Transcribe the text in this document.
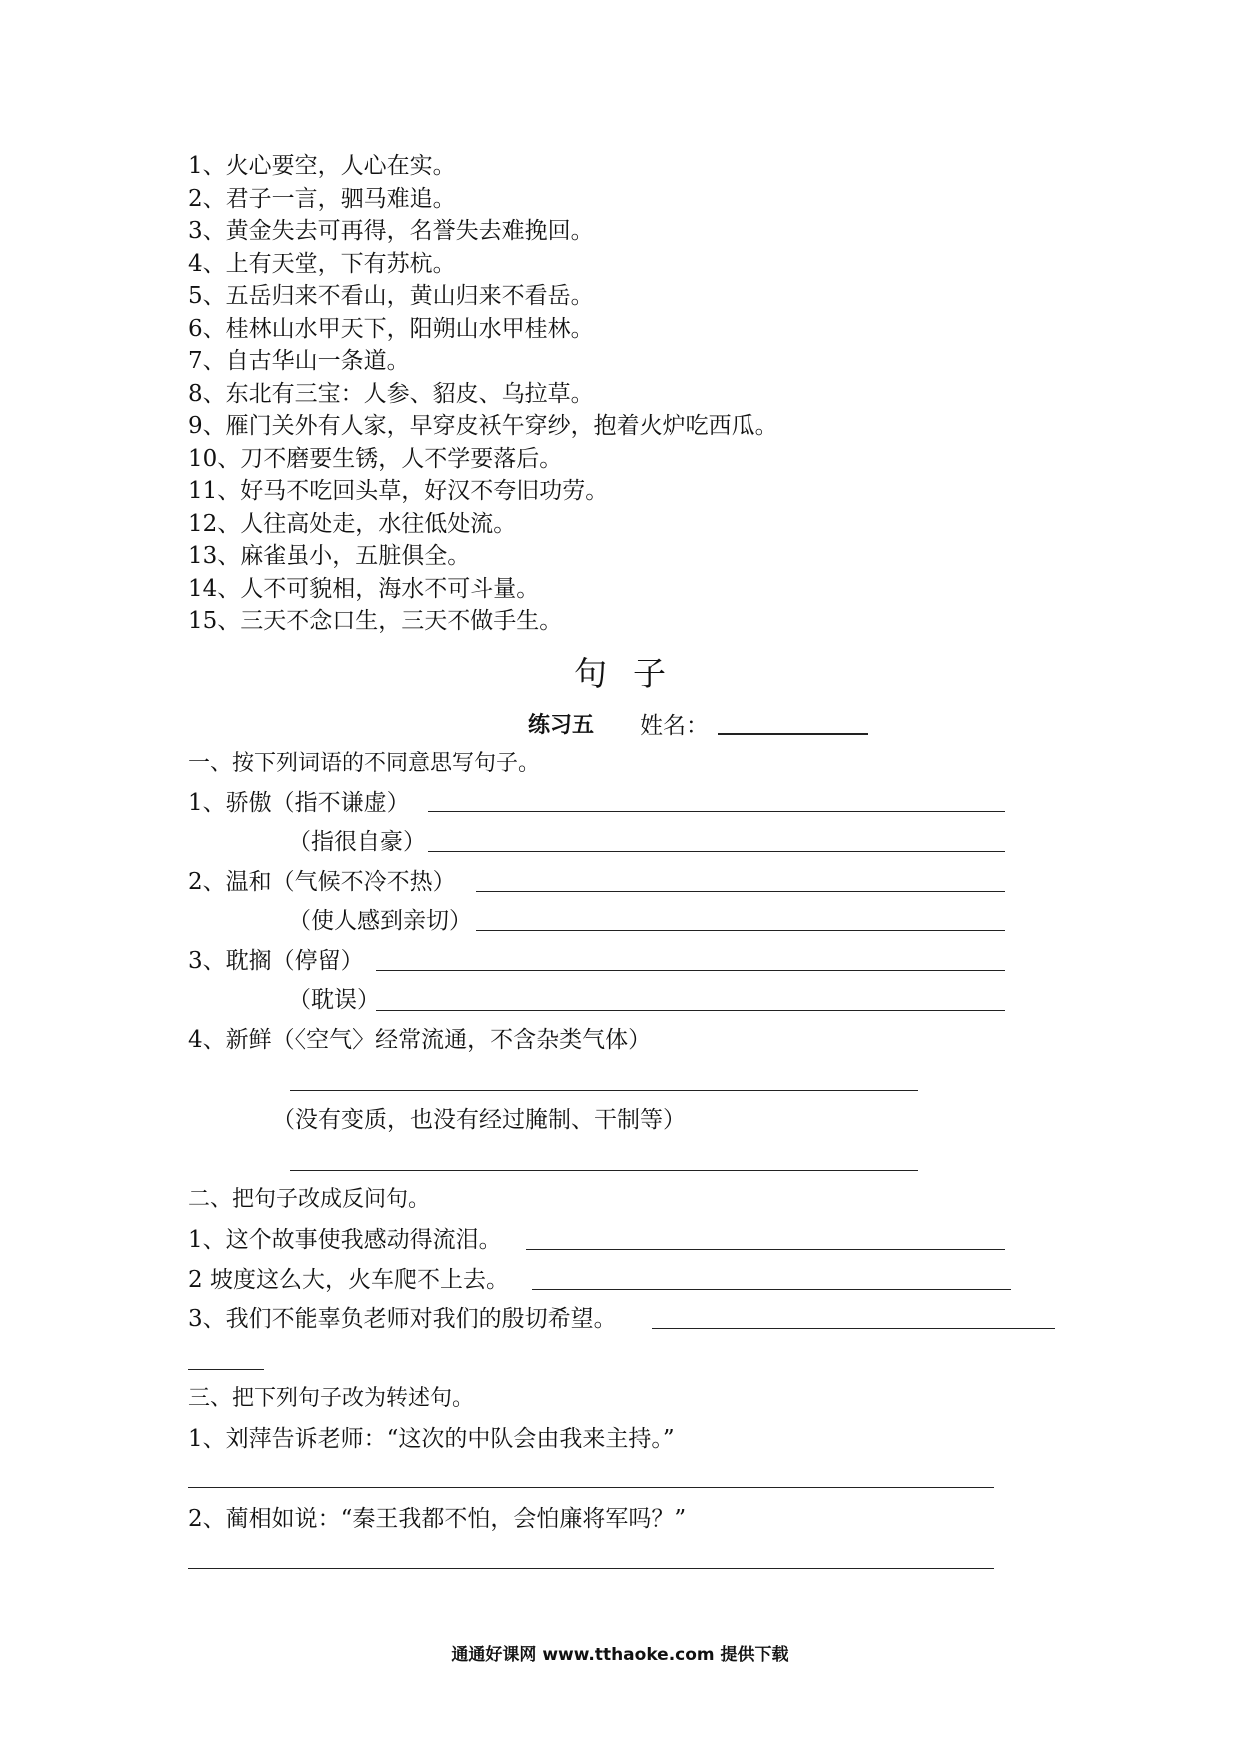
1、火心要空，人心在实。
2、君子一言，驷马难追。
3、黄金失去可再得，名誉失去难挽回。
4、上有天堂，下有苏杭。
5、五岳归来不看山，黄山归来不看岳。
6、桂林山水甲天下，阳朔山水甲桂林。
7、自古华山一条道。
8、东北有三宝：人参、貂皮、乌拉草。
9、雁门关外有人家，早穿皮袄午穿纱，抱着火炉吃西瓜。
10、刀不磨要生锈，人不学要落后。
11、好马不吃回头草，好汉不夸旧功劳。
12、人往高处走，水往低处流。
13、麻雀虽小，五脏俱全。
14、人不可貌相，海水不可斗量。
15、三天不念口生，三天不做手生。
句子
练习五 姓名：
一、按下列词语的不同意思写句子。
1、骄傲（指不谦虚）
（指很自豪）
2、温和（气候不冷不热）
（使人感到亲切）
3、耽搁（停留）
（耽误）
4、新鲜（〈空气〉经常流通，不含杂类气体）
（没有变质，也没有经过腌制、干制等）
二、把句子改成反问句。
1、这个故事使我感动得流泪。
2 坡度这么大，火车爬不上去。
3、我们不能辜负老师对我们的殷切希望。
三、把下列句子改为转述句。
1、刘萍告诉老师：“这次的中队会由我来主持。”
2、蔺相如说：“秦王我都不怕，会怕廉将军吗？”
通通好课网 www.tthaoke.com 提供下载
